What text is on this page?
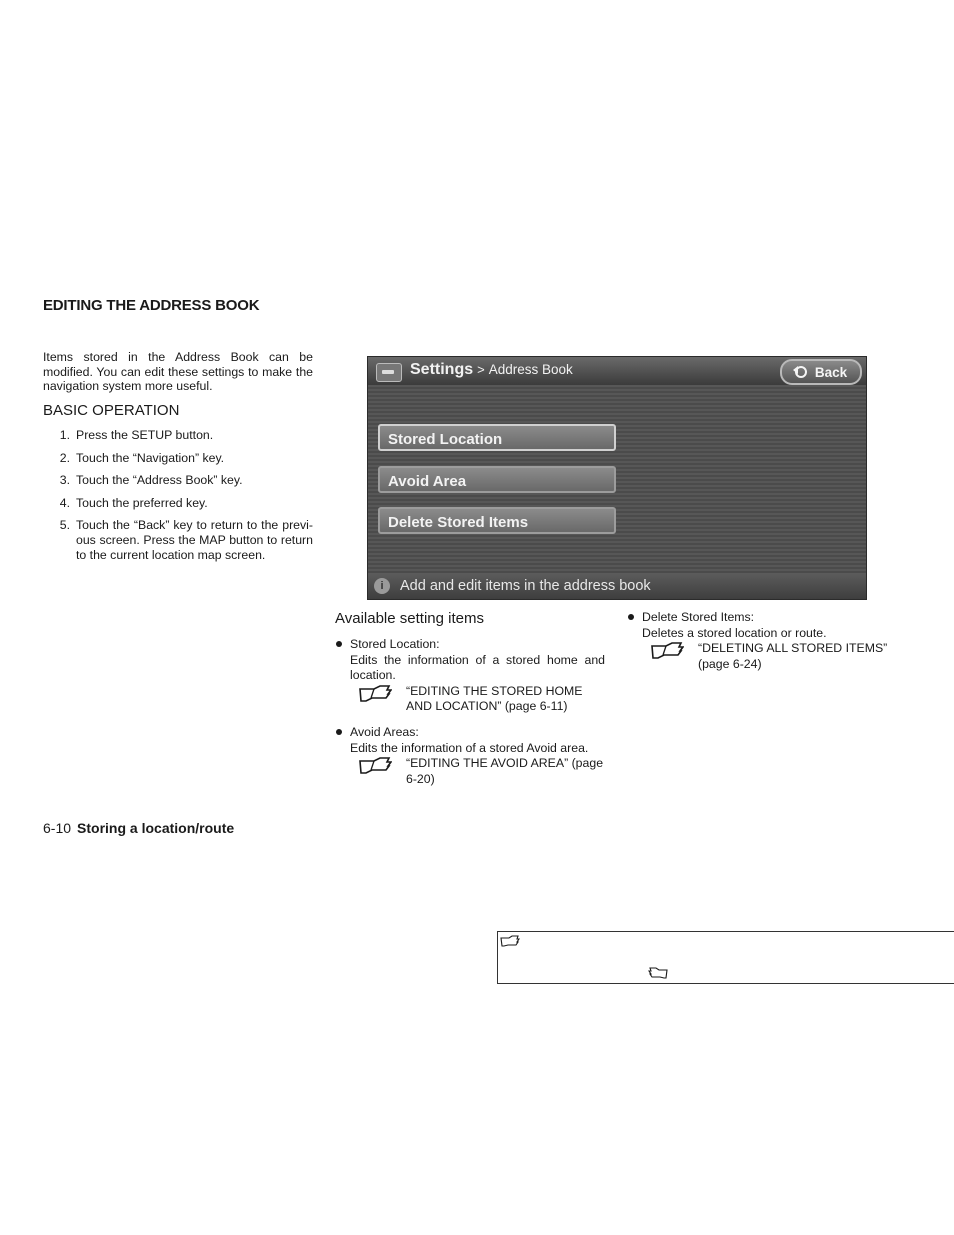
EDITING THE ADDRESS BOOK
Items stored in the Address Book can be modified. You can edit these settings to make the navigation system more useful.
BASIC OPERATION
1. Press the SETUP button.
2. Touch the “Navigation” key.
3. Touch the “Address Book” key.
4. Touch the preferred key.
5. Touch the “Back” key to return to the previ-ous screen. Press the MAP button to return to the current location map screen.
Settings > Address Book	Back
Stored Location
Avoid Area
Delete Stored Items
i	Add and edit items in the address book
Available setting items
Stored Location:
Edits the information of a stored home and location.
“EDITING THE STORED HOME AND LOCATION” (page 6-11)
Avoid Areas:
Edits the information of a stored Avoid area.
“EDITING THE AVOID AREA” (page 6-20)
Delete Stored Items:
Deletes a stored location or route.
“DELETING ALL STORED ITEMS” (page 6-24)
6-10 Storing a location/route
